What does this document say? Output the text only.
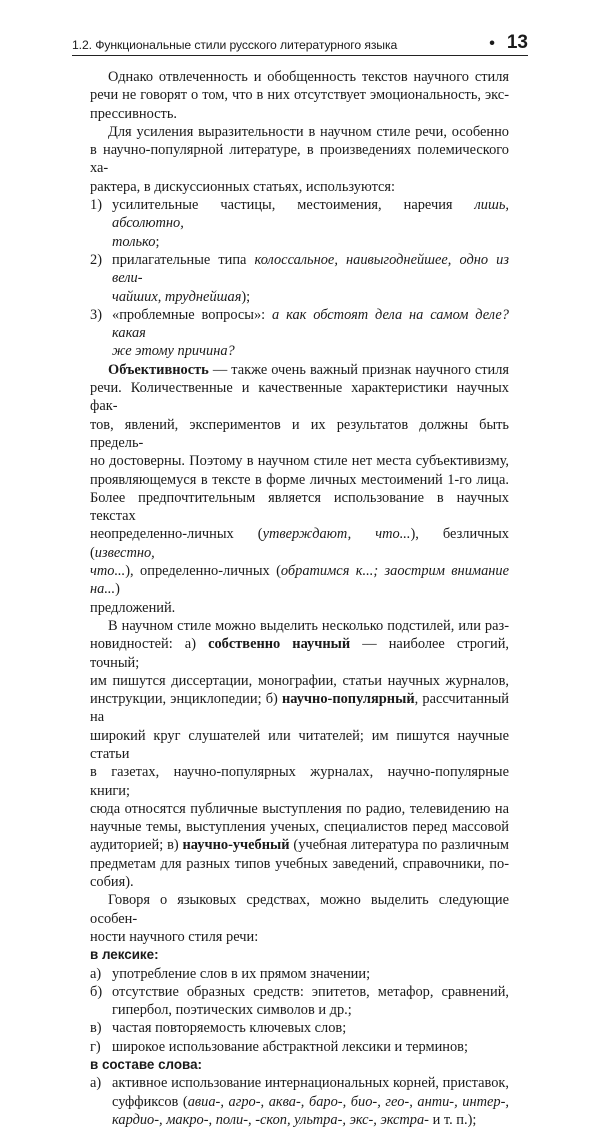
1.2. Функциональные стили русского литературного языка	• 13
Однако отвлеченность и обобщенность текстов научного стиля
речи не говорят о том, что в них отсутствует эмоциональность, экс-
прессивность.
Для усиления выразительности в научном стиле речи, особенно
в научно-популярной литературе, в произведениях полемического ха-
рактера, в дискуссионных статьях, используются:
1) усилительные частицы, местоимения, наречия лишь, абсолютно,
только;
2) прилагательные типа колоссальное, наивыгоднейшее, одно из вели-
чайших, труднейшая);
3) «проблемные вопросы»: а как обстоят дела на самом деле? какая
же этому причина?
Объективность — также очень важный признак научного стиля
речи. Количественные и качественные характеристики научных фак-
тов, явлений, экспериментов и их результатов должны быть предель-
но достоверны. Поэтому в научном стиле нет места субъективизму,
проявляющемуся в тексте в форме личных местоимений 1-го лица.
Более предпочтительным является использование в научных текстах
неопределенно-личных (утверждают, что...), безличных (известно,
что...), определенно-личных (обратимся к...; заострим внимание на...)
предложений.
В научном стиле можно выделить несколько подстилей, или раз-
новидностей: а) собственно научный — наиболее строгий, точный;
им пишутся диссертации, монографии, статьи научных журналов,
инструкции, энциклопедии; б) научно-популярный, рассчитанный на
широкий круг слушателей или читателей; им пишутся научные статьи
в газетах, научно-популярных журналах, научно-популярные книги;
сюда относятся публичные выступления по радио, телевидению на
научные темы, выступления ученых, специалистов перед массовой
аудиторией; в) научно-учебный (учебная литература по различным
предметам для разных типов учебных заведений, справочники, по-
собия).
Говоря о языковых средствах, можно выделить следующие особен-
ности научного стиля речи:
в лексике:
а) употребление слов в их прямом значении;
б) отсутствие образных средств: эпитетов, метафор, сравнений,
гипербол, поэтических символов и др.;
в) частая повторяемость ключевых слов;
г) широкое использование абстрактной лексики и терминов;
в составе слова:
а) активное использование интернациональных корней, приставок,
суффиксов (авиа-, агро-, аква-, баро-, био-, гео-, анти-, интер-,
кардио-, макро-, поли-, -скоп, ультра-, экс-, экстра- и т. п.);
